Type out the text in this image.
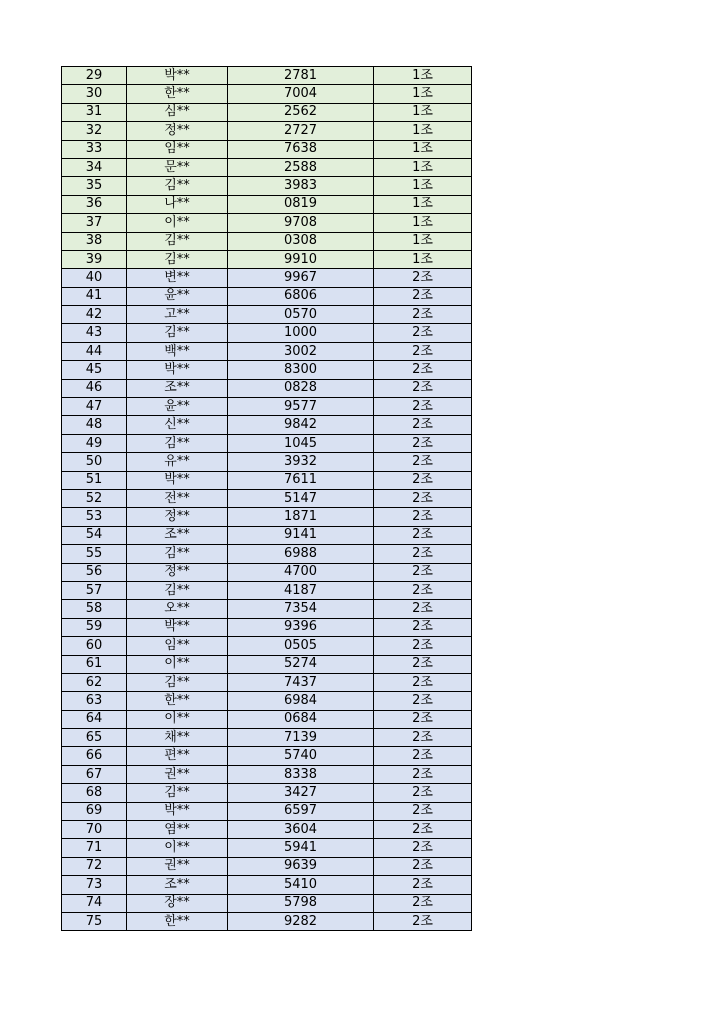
29	박**	2781	1조
30	한**	7004	1조
31	심**	2562	1조
32	정**	2727	1조
33	임**	7638	1조
34	문**	2588	1조
35	김**	3983	1조
36	나**	0819	1조
37	이**	9708	1조
38	김**	0308	1조
39	김**	9910	1조
40	변**	9967	2조
41	윤**	6806	2조
42	고**	0570	2조
43	김**	1000	2조
44	백**	3002	2조
45	박**	8300	2조
46	조**	0828	2조
47	윤**	9577	2조
48	신**	9842	2조
49	김**	1045	2조
50	유**	3932	2조
51	박**	7611	2조
52	전**	5147	2조
53	정**	1871	2조
54	조**	9141	2조
55	김**	6988	2조
56	정**	4700	2조
57	김**	4187	2조
58	오**	7354	2조
59	박**	9396	2조
60	임**	0505	2조
61	이**	5274	2조
62	김**	7437	2조
63	한**	6984	2조
64	이**	0684	2조
65	채**	7139	2조
66	편**	5740	2조
67	권**	8338	2조
68	김**	3427	2조
69	박**	6597	2조
70	염**	3604	2조
71	이**	5941	2조
72	권**	9639	2조
73	조**	5410	2조
74	장**	5798	2조
75	한**	9282	2조
